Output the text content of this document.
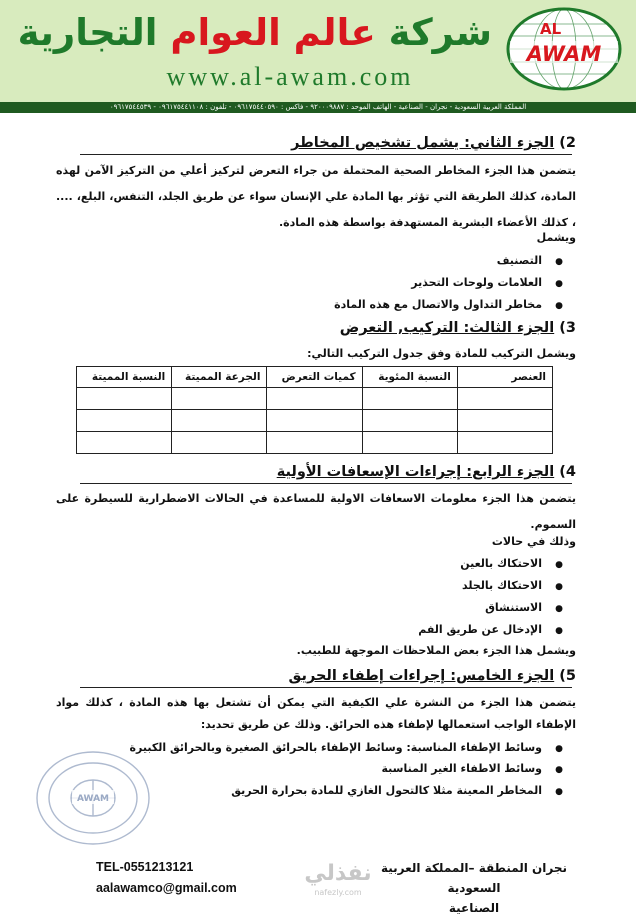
شركة عالم العوام التجارية
www.al-awam.com
AL
AWAM
المملكة العربية السعودية - نجران - الصناعية - الهاتف الموحد : ٩٢٠٠٠٩٨٨٧ - فاكس : ٠٩٦١٧٥٤٤٠٥٩٠ - تلفون : ٠٩٦١٧٥٤٤١١٠٨ - ٠٩٦١٧٥٤٤٥٣٩
2) الجزء الثاني: يشمل تشخيص المخاطر
يتضمن هذا الجزء المخاطر الصحية المحتملة من جراء التعرض لتركيز أعلي من التركيز الآمن لهذه المادة، كذلك الطريقة التي تؤثر بها المادة علي الإنسان سواء عن طريق الجلد، التنفس، البلع، .... ، كذلك الأعضاء البشرية المستهدفة بواسطة هذه المادة.
ويشمل
●التصنيف
●العلامات ولوحات التحذير
●مخاطر التداول والاتصال مع هذه المادة
3) الجزء الثالث: التركيب, التعرض
ويشمل التركيب للمادة وفق جدول التركيب التالي:
العنصر	النسبة المئوية	كميات التعرض	الجرعة المميتة	النسبة المميتة

4) الجزء الرابع: إجراءات الإسعافات الأولية
يتضمن هذا الجزء معلومات الاسعافات الاولية للمساعدة في الحالات الاضطرارية للسيطرة على السموم.
وذلك في حالات
●الاحتكاك بالعين
●الاحتكاك بالجلد
●الاستنشاق
●الإدخال عن طريق الفم
ويشمل هذا الجزء بعض الملاحظات الموجهة للطبيب.
5) الجزء الخامس: إجراءات إطفاء الحريق
يتضمن هذا الجزء من النشرة علي الكيفية التي يمكن أن تشتعل بها هذه المادة ، كذلك مواد الإطفاء الواجب استعمالها لإطفاء هذه الحرائق. وذلك عن طريق تحديد:
●وسائط الإطفاء المناسبة: وسائط الإطفاء بالحرائق الصغيرة وبالحرائق الكبيرة
●وسائط الاطفاء الغير المناسبة
●المخاطر المعينة مثلا كالتحول الغازي للمادة بحرارة الحريق
AWAM
TEL-0551213121
aalawamco@gmail.com
نجران المنطقة –المملكة العربية السعودية
الصناعية
نفذلي
nafezly.com
